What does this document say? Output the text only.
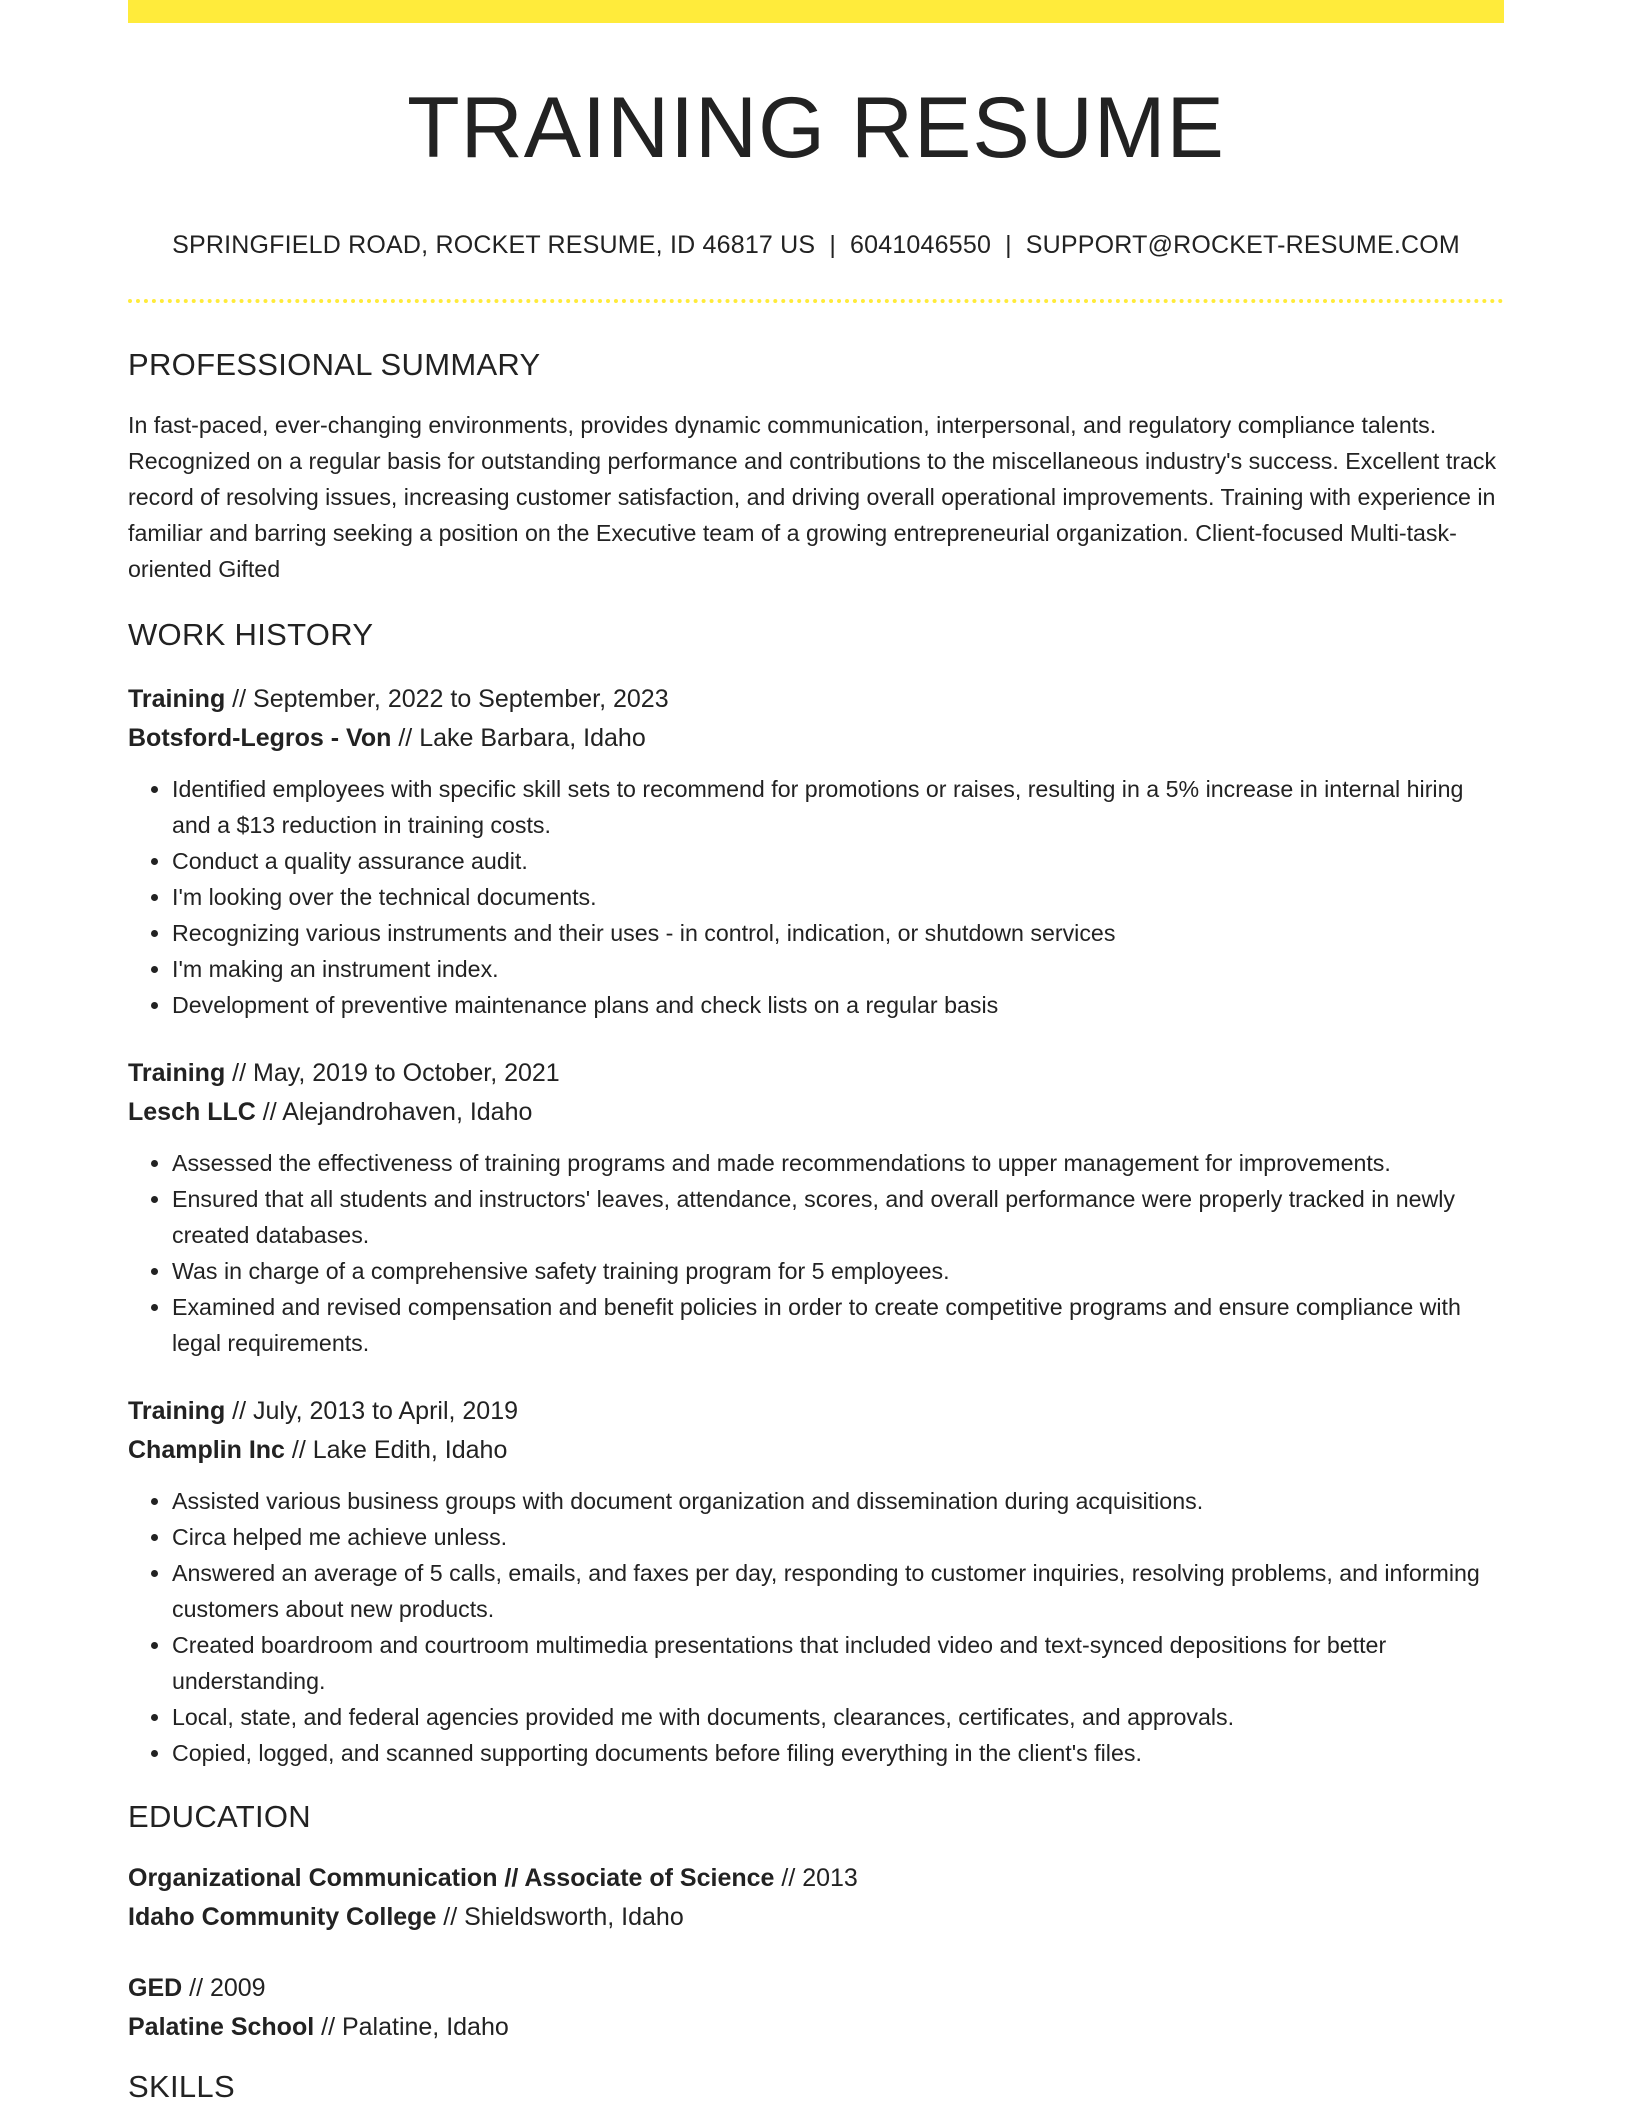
TRAINING RESUME
SPRINGFIELD ROAD, ROCKET RESUME, ID 46817 US | 6041046550 | SUPPORT@ROCKET-RESUME.COM
PROFESSIONAL SUMMARY
In fast-paced, ever-changing environments, provides dynamic communication, interpersonal, and regulatory compliance talents. Recognized on a regular basis for outstanding performance and contributions to the miscellaneous industry's success. Excellent track record of resolving issues, increasing customer satisfaction, and driving overall operational improvements. Training with experience in familiar and barring seeking a position on the Executive team of a growing entrepreneurial organization. Client-focused Multi-task-oriented Gifted
WORK HISTORY
Training // September, 2022 to September, 2023
Botsford-Legros - Von // Lake Barbara, Idaho
• Identified employees with specific skill sets to recommend for promotions or raises, resulting in a 5% increase in internal hiring and a $13 reduction in training costs.
• Conduct a quality assurance audit.
• I'm looking over the technical documents.
• Recognizing various instruments and their uses - in control, indication, or shutdown services
• I'm making an instrument index.
• Development of preventive maintenance plans and check lists on a regular basis
Training // May, 2019 to October, 2021
Lesch LLC // Alejandrohaven, Idaho
• Assessed the effectiveness of training programs and made recommendations to upper management for improvements.
• Ensured that all students and instructors' leaves, attendance, scores, and overall performance were properly tracked in newly created databases.
• Was in charge of a comprehensive safety training program for 5 employees.
• Examined and revised compensation and benefit policies in order to create competitive programs and ensure compliance with legal requirements.
Training // July, 2013 to April, 2019
Champlin Inc // Lake Edith, Idaho
• Assisted various business groups with document organization and dissemination during acquisitions.
• Circa helped me achieve unless.
• Answered an average of 5 calls, emails, and faxes per day, responding to customer inquiries, resolving problems, and informing customers about new products.
• Created boardroom and courtroom multimedia presentations that included video and text-synced depositions for better understanding.
• Local, state, and federal agencies provided me with documents, clearances, certificates, and approvals.
• Copied, logged, and scanned supporting documents before filing everything in the client's files.
EDUCATION
Organizational Communication // Associate of Science // 2013
Idaho Community College // Shieldsworth, Idaho
GED // 2009
Palatine School // Palatine, Idaho
SKILLS
